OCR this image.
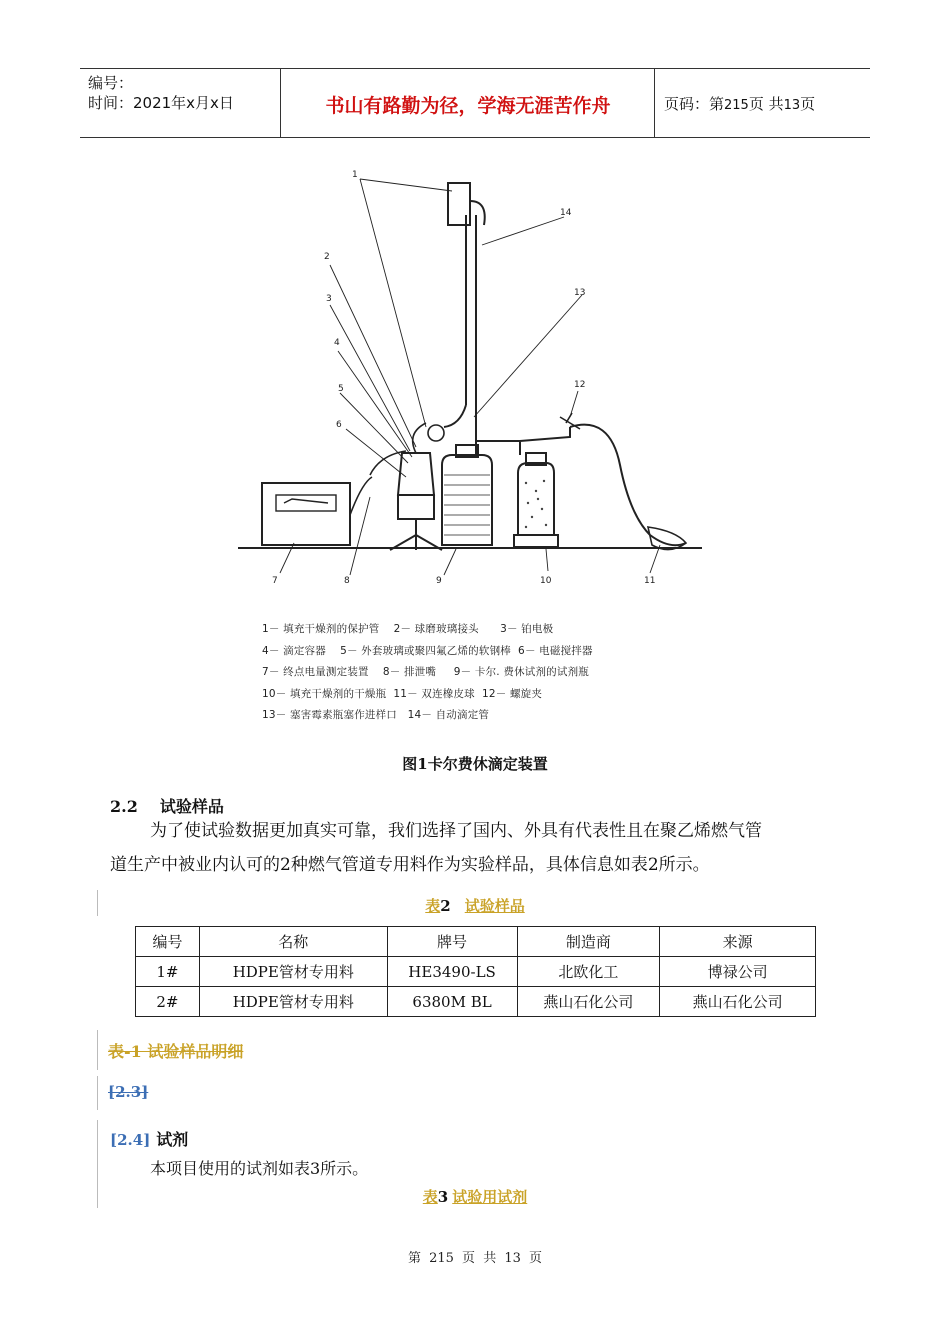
编号：
时间：2021年x月x日	书山有路勤为径，学海无涯苦作舟	页码：第215页 共13页
1
2
3
4
5
6
7	8	9	10	11
12
13
14
1－ 填充干燥剂的保护管    2－ 球磨玻璃接头      3－ 铂电极
4－ 滴定容器    5－ 外套玻璃或聚四氟乙烯的软钢棒  6－ 电磁搅拌器
7－ 终点电量测定装置    8－ 排泄嘴     9－ 卡尔. 费休试剂的试剂瓶
10－ 填充干燥剂的干燥瓶  11－ 双连橡皮球  12－ 螺旋夹
13－ 塞害霉素瓶塞作进样口   14－ 自动滴定管
图1卡尔费休滴定装置
2.2 试验样品
为了使试验数据更加真实可靠，我们选择了国内、外具有代表性且在聚乙烯燃气管
道生产中被业内认可的2种燃气管道专用料作为实验样品，具体信息如表2所示。
表2 试验样品
编号	名称	牌号	制造商	来源
1#	HDPE管材专用料	HE3490-LS	北欧化工	博禄公司
2#	HDPE管材专用料	6380M BL	燕山石化公司	燕山石化公司
表-1 试验样品明细
[2.3]
[2.4] 试剂
本项目使用的试剂如表3所示。
表3 试验用试剂
第 215 页 共 13 页
